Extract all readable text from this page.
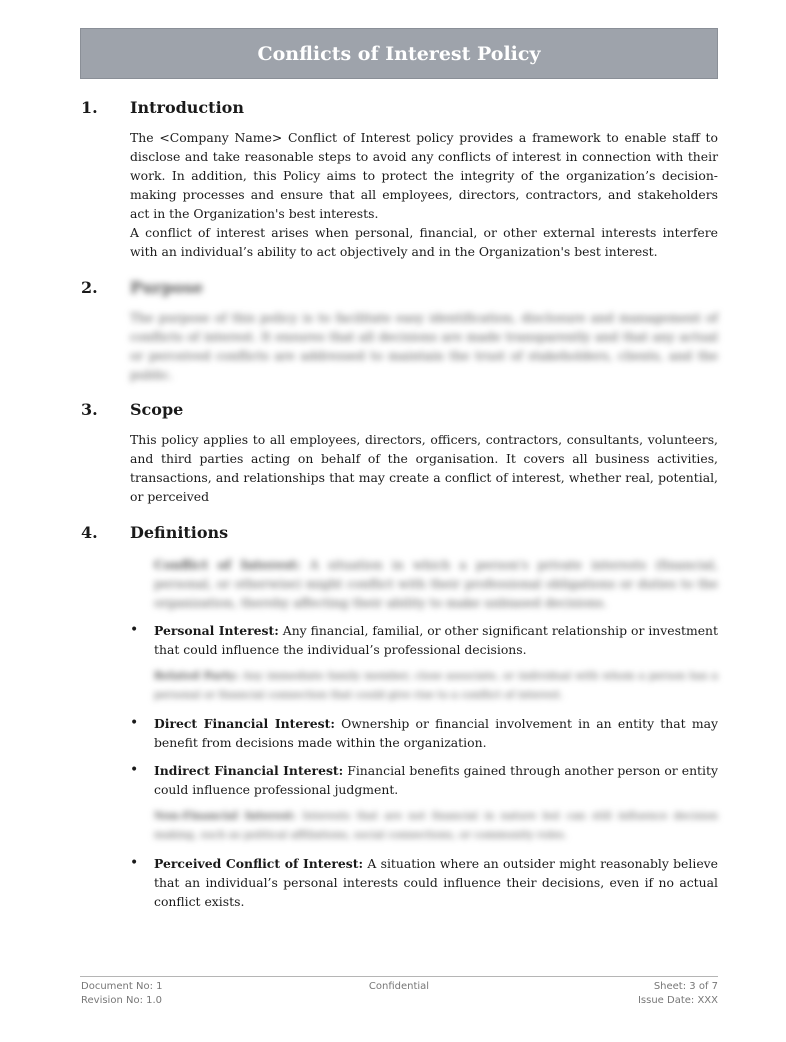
Conflicts of Interest Policy
1. Introduction
The <Company Name> Conflict of Interest policy provides a framework to enable staff to disclose and take reasonable steps to avoid any conflicts of interest in connection with their work. In addition, this Policy aims to protect the integrity of the organization’s decision-making processes and ensure that all employees, directors, contractors, and stakeholders act in the Organization's best interests.
A conflict of interest arises when personal, financial, or other external interests interfere with an individual’s ability to act objectively and in the Organization's best interest.
2. Purpose
The purpose of this policy is to facilitate easy identification, disclosure and management of conflicts of interest. It ensures that all decisions are made transparently and that any actual or perceived conflicts are addressed to maintain the trust of stakeholders, clients, and the public.
3. Scope
This policy applies to all employees, directors, officers, contractors, consultants, volunteers, and third parties acting on behalf of the organisation. It covers all business activities, transactions, and relationships that may create a conflict of interest, whether real, potential, or perceived
4. Definitions
Conflict of Interest: A situation in which a person's private interests (financial, personal, or otherwise) might conflict with their professional obligations or duties to the organization, thereby affecting their ability to make unbiased decisions.
• Personal Interest: Any financial, familial, or other significant relationship or investment that could influence the individual’s professional decisions.
Related Party: Any immediate family member, close associate, or individual with whom a person has a personal or financial connection that could give rise to a conflict of interest.
• Direct Financial Interest: Ownership or financial involvement in an entity that may benefit from decisions made within the organization.
• Indirect Financial Interest: Financial benefits gained through another person or entity could influence professional judgment.
Non-Financial Interest: Interests that are not financial in nature but can still influence decision making, such as political affiliations, social connections, or community roles.
• Perceived Conflict of Interest: A situation where an outsider might reasonably believe that an individual’s personal interests could influence their decisions, even if no actual conflict exists.
Document No: 1
Revision No: 1.0
Confidential	Sheet: 3 of 7
Issue Date: XXX
